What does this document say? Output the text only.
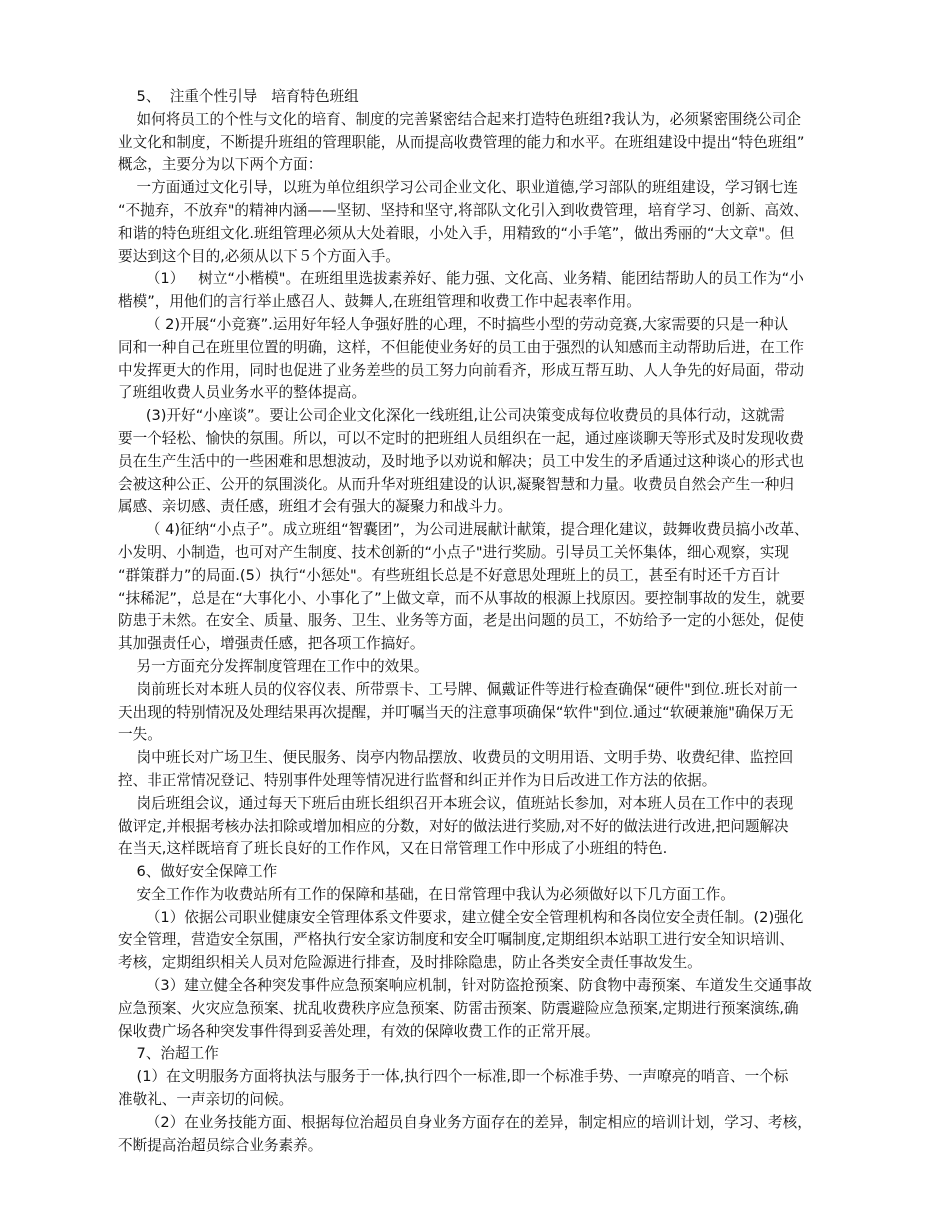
5、  注重个性引导   培育特色班组
如何将员工的个性与文化的培育、制度的完善紧密结合起来打造特色班组?我认为，必须紧密围绕公司企
业文化和制度，不断提升班组的管理职能，从而提高收费管理的能力和水平。在班组建设中提出“特色班组”
概念，主要分为以下两个方面：
一方面通过文化引导，以班为单位组织学习公司企业文化、职业道德,学习部队的班组建设，学习钢七连
“不抛弃，不放弃"的精神内涵——坚韧、坚持和坚守,将部队文化引入到收费管理，培育学习、创新、高效、
和谐的特色班组文化.班组管理必须从大处着眼，小处入手，用精致的“小手笔”，做出秀丽的“大文章"。但
要达到这个目的,必须从以下５个方面入手。
（1）   树立“小楷模"。在班组里选拔素养好、能力强、文化高、业务精、能团结帮助人的员工作为“小
楷模”，用他们的言行举止感召人、鼓舞人,在班组管理和收费工作中起表率作用。
（ 2)开展“小竞赛”.运用好年轻人争强好胜的心理，不时搞些小型的劳动竞赛,大家需要的只是一种认
同和一种自己在班里位置的明确，这样，不但能使业务好的员工由于强烈的认知感而主动帮助后进，在工作
中发挥更大的作用，同时也促进了业务差些的员工努力向前看齐，形成互帮互助、人人争先的好局面，带动
了班组收费人员业务水平的整体提高。
(3)开好“小座谈”。要让公司企业文化深化一线班组,让公司决策变成每位收费员的具体行动，这就需
要一个轻松、愉快的氛围。所以，可以不定时的把班组人员组织在一起，通过座谈聊天等形式及时发现收费
员在生产生活中的一些困难和思想波动，及时地予以劝说和解决；员工中发生的矛盾通过这种谈心的形式也
会被这种公正、公开的氛围淡化。从而升华对班组建设的认识,凝聚智慧和力量。收费员自然会产生一种归
属感、亲切感、责任感，班组才会有强大的凝聚力和战斗力。
（ 4)征纳“小点子”。成立班组“智囊团”，为公司进展献计献策，提合理化建议，鼓舞收费员搞小改革、
小发明、小制造，也可对产生制度、技术创新的“小点子"进行奖励。引导员工关怀集体，细心观察，实现
“群策群力”的局面.(5）执行“小惩处"。有些班组长总是不好意思处理班上的员工，甚至有时还千方百计
“抹稀泥”，总是在“大事化小、小事化了”上做文章，而不从事故的根源上找原因。要控制事故的发生，就要
防患于未然。在安全、质量、服务、卫生、业务等方面，老是出问题的员工，不妨给予一定的小惩处，促使
其加强责任心，增强责任感，把各项工作搞好。
另一方面充分发挥制度管理在工作中的效果。
岗前班长对本班人员的仪容仪表、所带票卡、工号牌、佩戴证件等进行检查确保“硬件"到位.班长对前一
天出现的特别情况及处理结果再次提醒，并叮嘱当天的注意事项确保“软件"到位.通过“软硬兼施"确保万无
一失。
岗中班长对广场卫生、便民服务、岗亭内物品摆放、收费员的文明用语、文明手势、收费纪律、监控回
控、非正常情况登记、特别事件处理等情况进行监督和纠正并作为日后改进工作方法的依据。
岗后班组会议，通过每天下班后由班长组织召开本班会议，值班站长参加，对本班人员在工作中的表现
做评定,并根据考核办法扣除或增加相应的分数，对好的做法进行奖励,对不好的做法进行改进,把问题解决
在当天,这样既培育了班长良好的工作作风，又在日常管理工作中形成了小班组的特色.
6、做好安全保障工作
安全工作作为收费站所有工作的保障和基础，在日常管理中我认为必须做好以下几方面工作。
（1）依据公司职业健康安全管理体系文件要求，建立健全安全管理机构和各岗位安全责任制。(2)强化
安全管理，营造安全氛围，严格执行安全家访制度和安全叮嘱制度,定期组织本站职工进行安全知识培训、
考核，定期组织相关人员对危险源进行排查，及时排除隐患，防止各类安全责任事故发生。
（3）建立健全各种突发事件应急预案响应机制，针对防盗抢预案、防食物中毒预案、车道发生交通事故
应急预案、火灾应急预案、扰乱收费秩序应急预案、防雷击预案、防震避险应急预案,定期进行预案演练,确
保收费广场各种突发事件得到妥善处理，有效的保障收费工作的正常开展。
7、治超工作
(1）在文明服务方面将执法与服务于一体,执行四个一标准,即一个标准手势、一声嘹亮的哨音、一个标
准敬礼、一声亲切的问候。
（2）在业务技能方面、根据每位治超员自身业务方面存在的差异，制定相应的培训计划，学习、考核，
不断提高治超员综合业务素养。
